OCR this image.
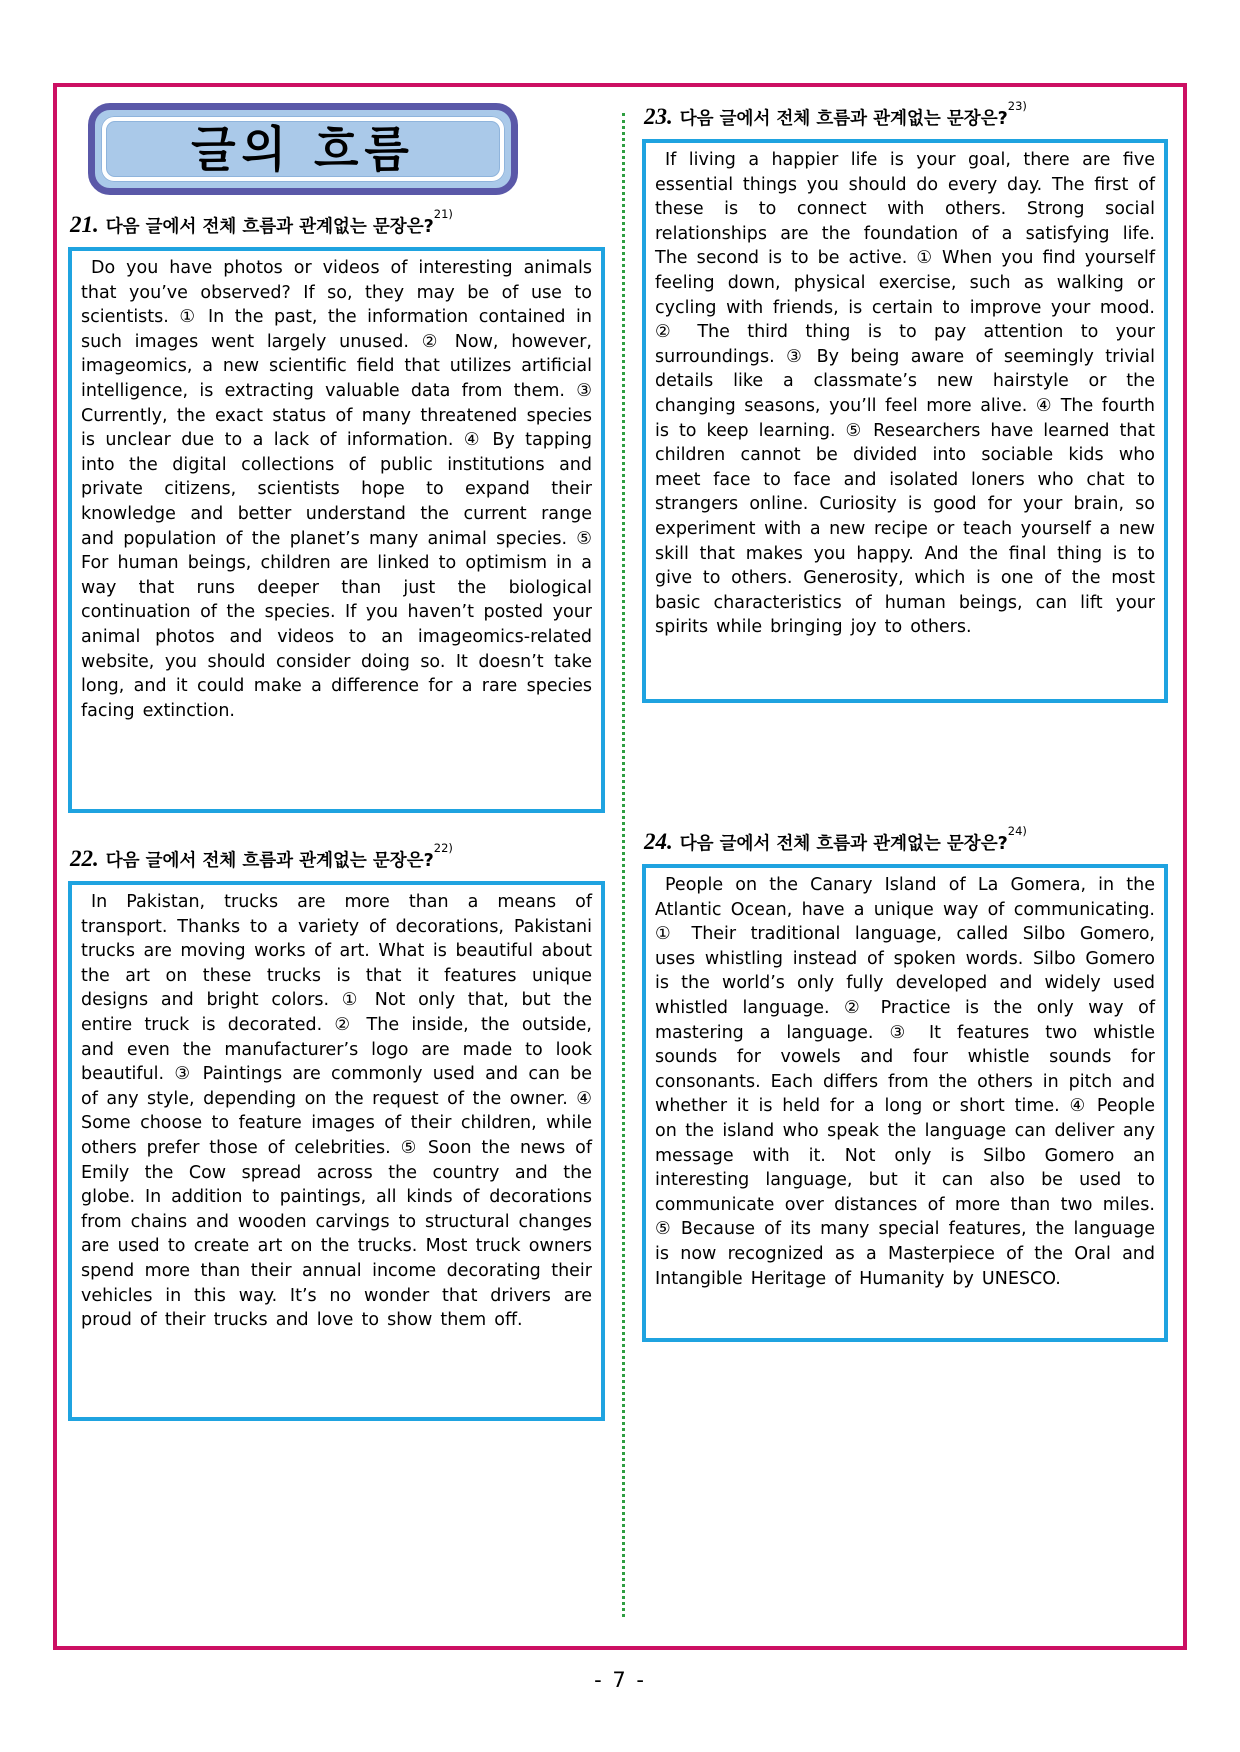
글의 흐름
21. 다음 글에서 전체 흐름과 관계없는 문장은?$^{21)}$
Do you have photos or videos of interesting animals that you’ve observed? If so, they may be of use to scientists. ① In the past, the information contained in such images went largely unused. ② Now, however, imageomics, a new scientific field that utilizes artificial intelligence, is extracting valuable data from them. ③ Currently, the exact status of many threatened species is unclear due to a lack of information. ④ By tapping into the digital collections of public institutions and private citizens, scientists hope to expand their knowledge and better understand the current range and population of the planet’s many animal species. ⑤ For human beings, children are linked to optimism in a way that runs deeper than just the biological continuation of the species. If you haven’t posted your animal photos and videos to an imageomics-related website, you should consider doing so. It doesn’t take long, and it could make a difference for a rare species facing extinction.
22. 다음 글에서 전체 흐름과 관계없는 문장은?$^{22)}$
In Pakistan, trucks are more than a means of transport. Thanks to a variety of decorations, Pakistani trucks are moving works of art. What is beautiful about the art on these trucks is that it features unique designs and bright colors. ① Not only that, but the entire truck is decorated. ② The inside, the outside, and even the manufacturer’s logo are made to look beautiful. ③ Paintings are commonly used and can be of any style, depending on the request of the owner. ④ Some choose to feature images of their children, while others prefer those of celebrities. ⑤ Soon the news of Emily the Cow spread across the country and the globe. In addition to paintings, all kinds of decorations from chains and wooden carvings to structural changes are used to create art on the trucks. Most truck owners spend more than their annual income decorating their vehicles in this way. It’s no wonder that drivers are proud of their trucks and love to show them off.
23. 다음 글에서 전체 흐름과 관계없는 문장은?$^{23)}$
If living a happier life is your goal, there are five essential things you should do every day. The first of these is to connect with others. Strong social relationships are the foundation of a satisfying life. The second is to be active. ① When you find yourself feeling down, physical exercise, such as walking or cycling with friends, is certain to improve your mood. ② The third thing is to pay attention to your surroundings. ③ By being aware of seemingly trivial details like a classmate’s new hairstyle or the changing seasons, you’ll feel more alive. ④ The fourth is to keep learning. ⑤ Researchers have learned that children cannot be divided into sociable kids who meet face to face and isolated loners who chat to strangers online. Curiosity is good for your brain, so experiment with a new recipe or teach yourself a new skill that makes you happy. And the final thing is to give to others. Generosity, which is one of the most basic characteristics of human beings, can lift your spirits while bringing joy to others.
24. 다음 글에서 전체 흐름과 관계없는 문장은?$^{24)}$
People on the Canary Island of La Gomera, in the Atlantic Ocean, have a unique way of communicating. ① Their traditional language, called Silbo Gomero, uses whistling instead of spoken words. Silbo Gomero is the world’s only fully developed and widely used whistled language. ② Practice is the only way of mastering a language. ③ It features two whistle sounds for vowels and four whistle sounds for consonants. Each differs from the others in pitch and whether it is held for a long or short time. ④ People on the island who speak the language can deliver any message with it. Not only is Silbo Gomero an interesting language, but it can also be used to communicate over distances of more than two miles. ⑤ Because of its many special features, the language is now recognized as a Masterpiece of the Oral and Intangible Heritage of Humanity by UNESCO.
- 7 -
